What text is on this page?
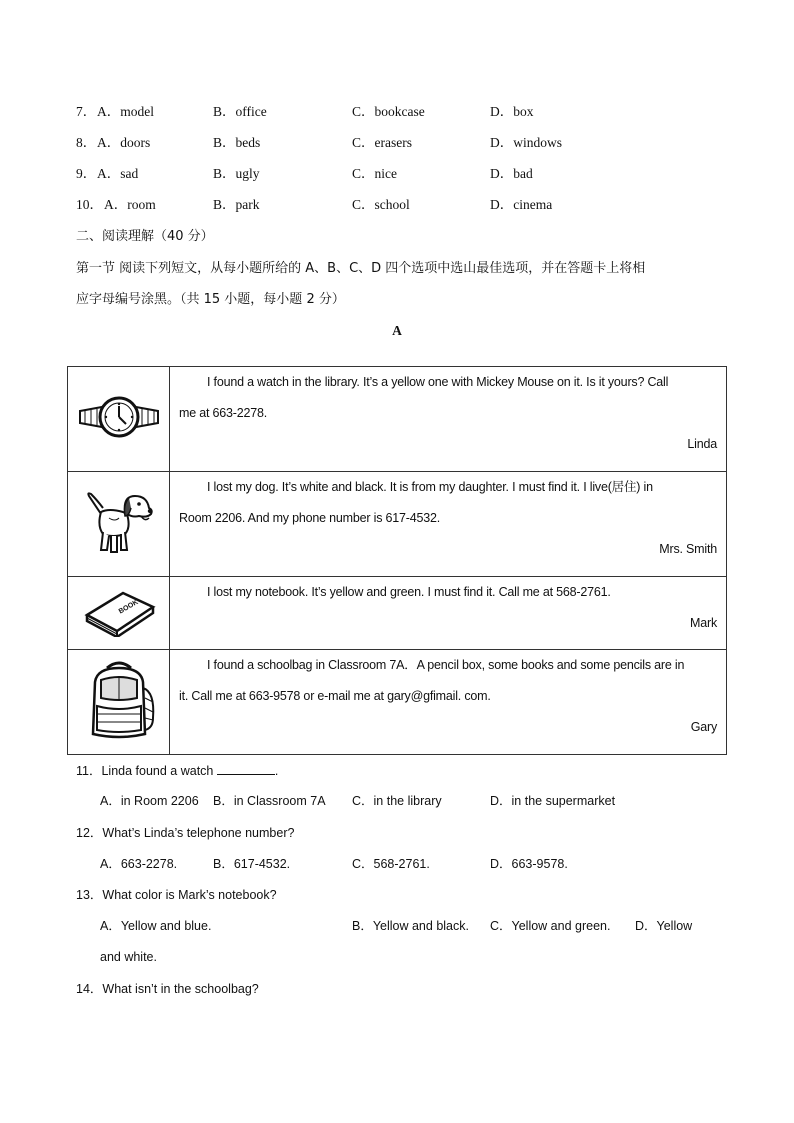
7． A．model	B．office	C．bookcase	D．box
8． A．doors	B．beds	C．erasers	D．windows
9． A．sad	B．ugly	C．nice	D．bad
10． A．room	B．park	C．school	D．cinema
二、阅读理解（40 分）
第一节 阅读下列短文，从每小题所给的 A、B、C、D 四个选项中选山最佳选项，并在答题卡上将相
应字母编号涂黑。（共 15 小题，每小题 2 分）
A

I found a watch in the library. It’s a yellow one with Mickey Mouse on it. Is it yours? Call
me at 663-2278.
Linda

I lost my dog. It’s white and black. It is from my daughter. I must find it. I live(居住) in
Room 2206. And my phone number is 617-4532.
Mrs. Smith

BOOK	I lost my notebook. It’s yellow and green. I must find it. Call me at 568-2761.
Mark

I found a schoolbag in Classroom 7A．A pencil box, some books and some pencils are in
it. Call me at 663-9578 or e-mail me at gary@gfimail. com.
Gary
11．Linda found a watch	.
A．in Room 2206 B．in Classroom 7A C．in the library	D．in the supermarket
12．What’s Linda’s telephone number?
A．663-2278.	B．617-4532.	C．568-2761.	D．663-9578.
13．What color is Mark’s notebook?
A．Yellow and blue.	B．Yellow and black. C．Yellow and green. D．Yellow
and white.
14．What isn’t in the schoolbag?
